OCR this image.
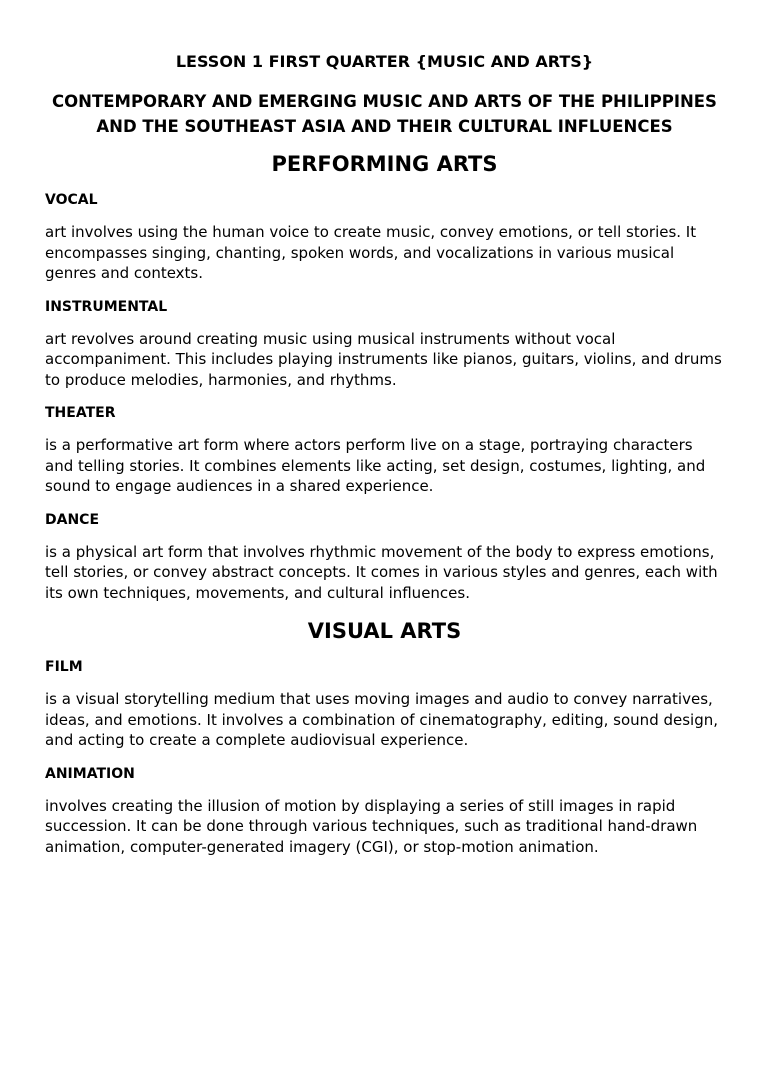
LESSON 1 FIRST QUARTER {MUSIC AND ARTS}
CONTEMPORARY AND EMERGING MUSIC AND ARTS OF THE PHILIPPINES AND THE SOUTHEAST ASIA AND THEIR CULTURAL INFLUENCES
PERFORMING ARTS
VOCAL

art involves using the human voice to create music, convey emotions, or tell stories. It encompasses singing, chanting, spoken words, and vocalizations in various musical genres and contexts.

INSTRUMENTAL

art revolves around creating music using musical instruments without vocal accompaniment. This includes playing instruments like pianos, guitars, violins, and drums to produce melodies, harmonies, and rhythms.

THEATER

is a performative art form where actors perform live on a stage, portraying characters and telling stories. It combines elements like acting, set design, costumes, lighting, and sound to engage audiences in a shared experience.

DANCE

is a physical art form that involves rhythmic movement of the body to express emotions, tell stories, or convey abstract concepts. It comes in various styles and genres, each with its own techniques, movements, and cultural influences.

VISUAL ARTS
FILM

is a visual storytelling medium that uses moving images and audio to convey narratives, ideas, and emotions. It involves a combination of cinematography, editing, sound design, and acting to create a complete audiovisual experience.

ANIMATION

involves creating the illusion of motion by displaying a series of still images in rapid succession. It can be done through various techniques, such as traditional hand-drawn animation, computer-generated imagery (CGI), or stop-motion animation.
